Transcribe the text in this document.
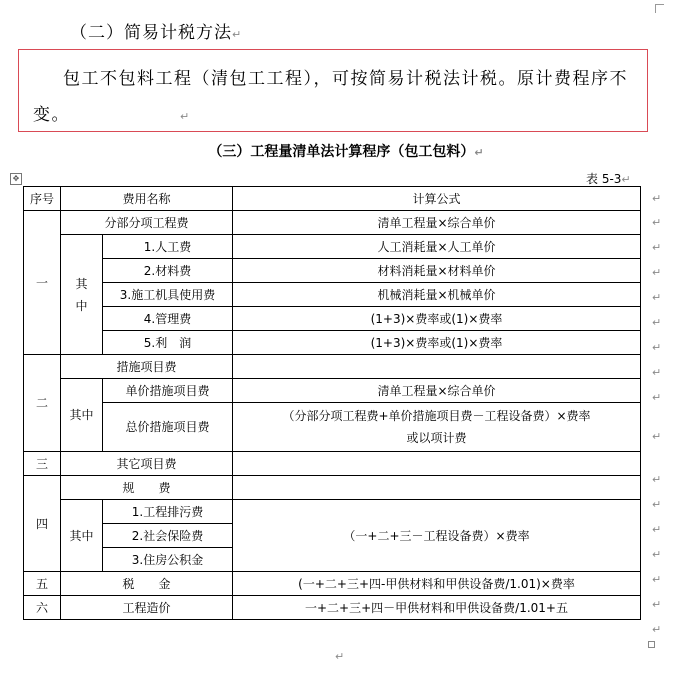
（二）简易计税方法↵
包工不包料工程（清包工工程），可按简易计税法计税。原计费程序不
变。	↵
（三）工程量清单法计算程序（包工包料）↵
✥	表 5-3↵
序号	费用名称		计算公式
一	分部分项工程费		清单工程量×综合单价
	其中	1.人工费	人工消耗量×人工单价
		2.材料费	材料消耗量×材料单价
		3.施工机具使用费	机械消耗量×机械单价
		4.管理费	(1+3)×费率或(1)×费率
		5.利　润	(1+3)×费率或(1)×费率
二	措施项目费		
	其中	单价措施项目费	清单工程量×综合单价
		总价措施项目费	（分部分项工程费+单价措施项目费－工程设备费）×费率
或以项计费

三	其它项目费		
四	规　　费		
	其中	1.工程排污费	（一+二+三－工程设备费）×费率
		2.社会保险费	
		3.住房公积金	
五	税　　金		(一+二+三+四-甲供材料和甲供设备费/1.01)×费率
六	工程造价		一+二+三+四－甲供材料和甲供设备费/1.01+五
↵
↵
↵
↵
↵
↵
↵
↵
↵
↵
↵
↵
↵
↵
↵
↵
↵
↵
